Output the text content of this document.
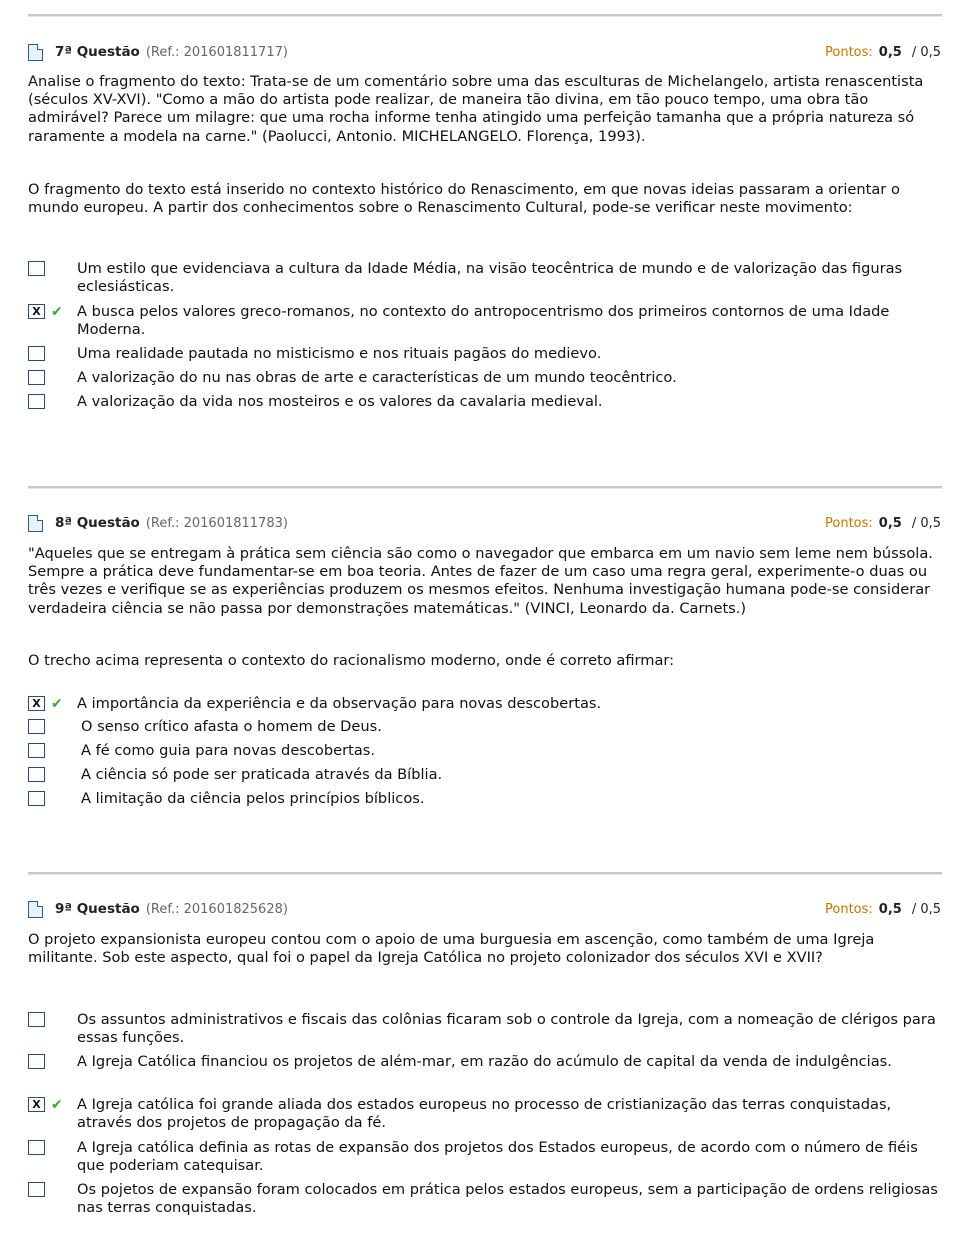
7ª Questão (Ref.: 201601811717)	Pontos: 0,5 / 0,5
Analise o fragmento do texto: Trata-se de um comentário sobre uma das esculturas de Michelangelo, artista renascentista (séculos XV-XVI). "Como a mão do artista pode realizar, de maneira tão divina, em tão pouco tempo, uma obra tão admirável? Parece um milagre: que uma rocha informe tenha atingido uma perfeição tamanha que a própria natureza só raramente a modela na carne." (Paolucci, Antonio. MICHELANGELO. Florença, 1993).
O fragmento do texto está inserido no contexto histórico do Renascimento, em que novas ideias passaram a orientar o mundo europeu. A partir dos conhecimentos sobre o Renascimento Cultural, pode-se verificar neste movimento:
Um estilo que evidenciava a cultura da Idade Média, na visão teocêntrica de mundo e de valorização das figuras eclesiásticas.
X ✔ A busca pelos valores greco-romanos, no contexto do antropocentrismo dos primeiros contornos de uma Idade Moderna.
Uma realidade pautada no misticismo e nos rituais pagãos do medievo.
A valorização do nu nas obras de arte e características de um mundo teocêntrico.
A valorização da vida nos mosteiros e os valores da cavalaria medieval.
8ª Questão (Ref.: 201601811783)	Pontos: 0,5 / 0,5
"Aqueles que se entregam à prática sem ciência são como o navegador que embarca em um navio sem leme nem bússola. Sempre a prática deve fundamentar-se em boa teoria. Antes de fazer de um caso uma regra geral, experimente-o duas ou três vezes e verifique se as experiências produzem os mesmos efeitos. Nenhuma investigação humana pode-se considerar verdadeira ciência se não passa por demonstrações matemáticas." (VINCI, Leonardo da. Carnets.)
O trecho acima representa o contexto do racionalismo moderno, onde é correto afirmar:
X ✔ A importância da experiência e da observação para novas descobertas.
O senso crítico afasta o homem de Deus.
A fé como guia para novas descobertas.
A ciência só pode ser praticada através da Bíblia.
A limitação da ciência pelos princípios bíblicos.
9ª Questão (Ref.: 201601825628)	Pontos: 0,5 / 0,5
O projeto expansionista europeu contou com o apoio de uma burguesia em ascenção, como também de uma Igreja militante. Sob este aspecto, qual foi o papel da Igreja Católica no projeto colonizador dos séculos XVI e XVII?
Os assuntos administrativos e fiscais das colônias ficaram sob o controle da Igreja, com a nomeação de clérigos para essas funções.
A Igreja Católica financiou os projetos de além-mar, em razão do acúmulo de capital da venda de indulgências.
X ✔ A Igreja católica foi grande aliada dos estados europeus no processo de cristianização das terras conquistadas, através dos projetos de propagação da fé.
A Igreja católica definia as rotas de expansão dos projetos dos Estados europeus, de acordo com o número de fiéis que poderiam catequisar.
Os pojetos de expansão foram colocados em prática pelos estados europeus, sem a participação de ordens religiosas nas terras conquistadas.
